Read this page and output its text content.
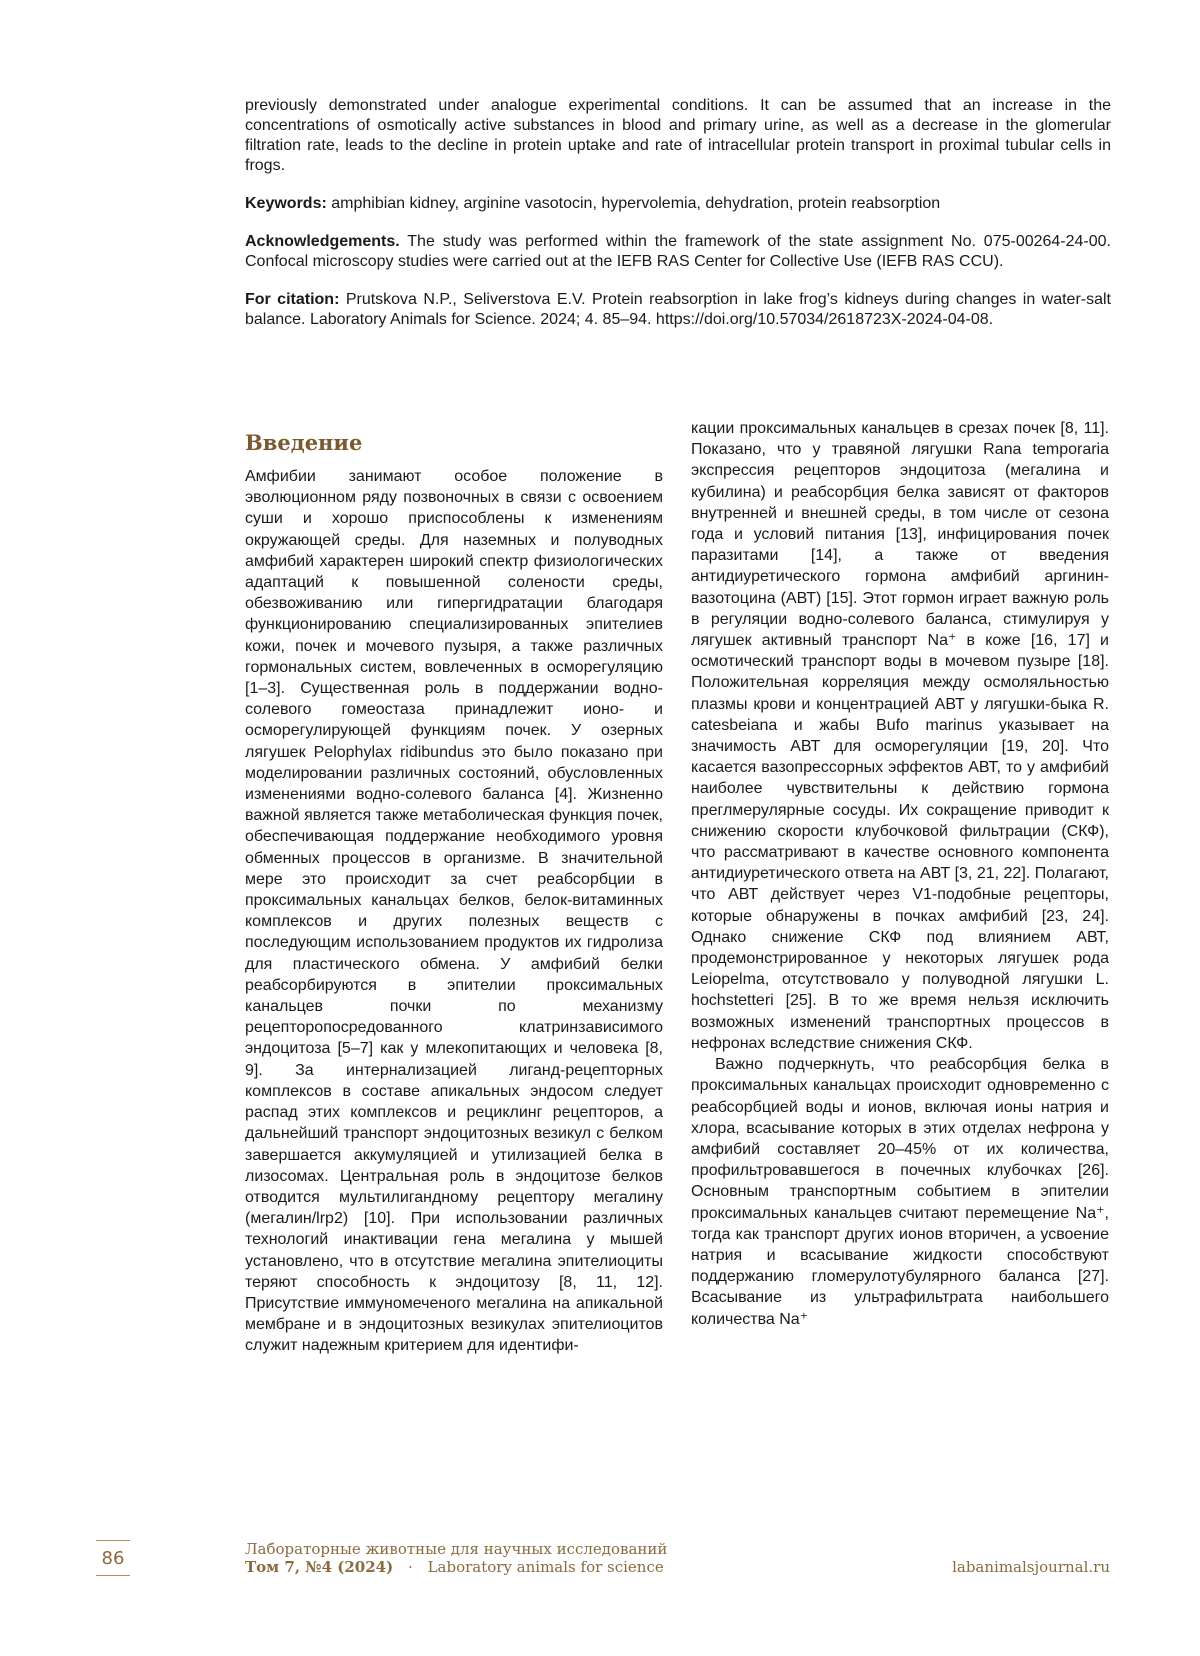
previously demonstrated under analogue experimental conditions. It can be assumed that an increase in the concentrations of osmotically active substances in blood and primary urine, as well as a decrease in the glomerular filtration rate, leads to the decline in protein uptake and rate of intracellular protein transport in proximal tubular cells in frogs.

Keywords: amphibian kidney, arginine vasotocin, hypervolemia, dehydration, protein reabsorption

Acknowledgements. The study was performed within the framework of the state assignment No. 075-00264-24-00. Confocal microscopy studies were carried out at the IEFB RAS Center for Collective Use (IEFB RAS CCU).

For citation: Prutskova N.P., Seliverstova E.V. Protein reabsorption in lake frog’s kidneys during changes in water-salt balance. Laboratory Animals for Science. 2024; 4. 85–94. https://doi.org/10.57034/2618723X-2024-04-08.

Введение

Амфибии занимают особое положение в эволюционном ряду позвоночных в связи с освоением суши и хорошо приспособлены к изменениям окружающей среды. Для наземных и полуводных амфибий характерен широкий спектр физиологических адаптаций к повышенной солености среды, обезвоживанию или гипергидратации благодаря функционированию специализированных эпителиев кожи, почек и мочевого пузыря, а также различных гормональных систем, вовлеченных в осморегуляцию [1–3]. Существенная роль в поддержании водно-солевого гомеостаза принадлежит ионо- и осморегулирующей функциям почек. У озерных лягушек Pelophylax ridibundus это было показано при моделировании различных состояний, обусловленных изменениями водно-солевого баланса [4]. Жизненно важной является также метаболическая функция почек, обеспечивающая поддержание необходимого уровня обменных процессов в организме. В значительной мере это происходит за счет реабсорбции в проксимальных канальцах белков, белок-витаминных комплексов и других полезных веществ с последующим использованием продуктов их гидролиза для пластического обмена. У амфибий белки реабсорбируются в эпителии проксимальных канальцев почки по механизму рецепторопосредованного клатринзависимого эндоцитоза [5–7] как у млекопитающих и человека [8, 9]. За интернализацией лиганд-рецепторных комплексов в составе апикальных эндосом следует распад этих комплексов и рециклинг рецепторов, а дальнейший транспорт эндоцитозных везикул с белком завершается аккумуляцией и утилизацией белка в лизосомах. Центральная роль в эндоцитозе белков отводится мультилигандному рецептору мегалину (мегалин/lrp2) [10]. При использовании различных технологий инактивации гена мегалина у мышей установлено, что в отсутствие мегалина эпителиоциты теряют способность к эндоцитозу [8, 11, 12]. Присутствие иммуномеченого мегалина на апикальной мембране и в эндоцитозных везикулах эпителиоцитов служит надежным критерием для идентифи-

кации проксимальных канальцев в срезах почек [8, 11]. Показано, что у травяной лягушки Rana temporaria экспрессия рецепторов эндоцитоза (мегалина и кубилина) и реабсорбция белка зависят от факторов внутренней и внешней среды, в том числе от сезона года и условий питания [13], инфицирования почек паразитами [14], а также от введения антидиуретического гормона амфибий аргинин-вазотоцина (АВТ) [15]. Этот гормон играет важную роль в регуляции водно-солевого баланса, стимулируя у лягушек активный транспорт Na⁺ в коже [16, 17] и осмотический транспорт воды в мочевом пузыре [18]. Положительная корреляция между осмоляльностью плазмы крови и концентрацией АВТ у лягушки-быка R. catesbeiana и жабы Bufo marinus указывает на значимость АВТ для осморегуляции [19, 20]. Что касается вазопрессорных эффектов АВТ, то у амфибий наиболее чувствительны к действию гормона преглмерулярные сосуды. Их сокращение приводит к снижению скорости клубочковой фильтрации (СКФ), что рассматривают в качестве основного компонента антидиуретического ответа на АВТ [3, 21, 22]. Полагают, что АВТ действует через V1-подобные рецепторы, которые обнаружены в почках амфибий [23, 24]. Однако снижение СКФ под влиянием АВТ, продемонстрированное у некоторых лягушек рода Leiopelma, отсутствовало у полуводной лягушки L. hochstetteri [25]. В то же время нельзя исключить возможных изменений транспортных процессов в нефронах вследствие снижения СКФ.

Важно подчеркнуть, что реабсорбция белка в проксимальных канальцах происходит одновременно с реабсорбцией воды и ионов, включая ионы натрия и хлора, всасывание которых в этих отделах нефрона у амфибий составляет 20–45% от их количества, профильтровавшегося в почечных клубочках [26]. Основным транспортным событием в эпителии проксимальных канальцев считают перемещение Na⁺, тогда как транспорт других ионов вторичен, а усвоение натрия и всасывание жидкости способствуют поддержанию гломерулотубулярного баланса [27]. Всасывание из ультрафильтрата наибольшего количества Na⁺

86	Лабораторные животные для научных исследований
Том 7, №4 (2024) · Laboratory animals for science	labanimalsjournal.ru
